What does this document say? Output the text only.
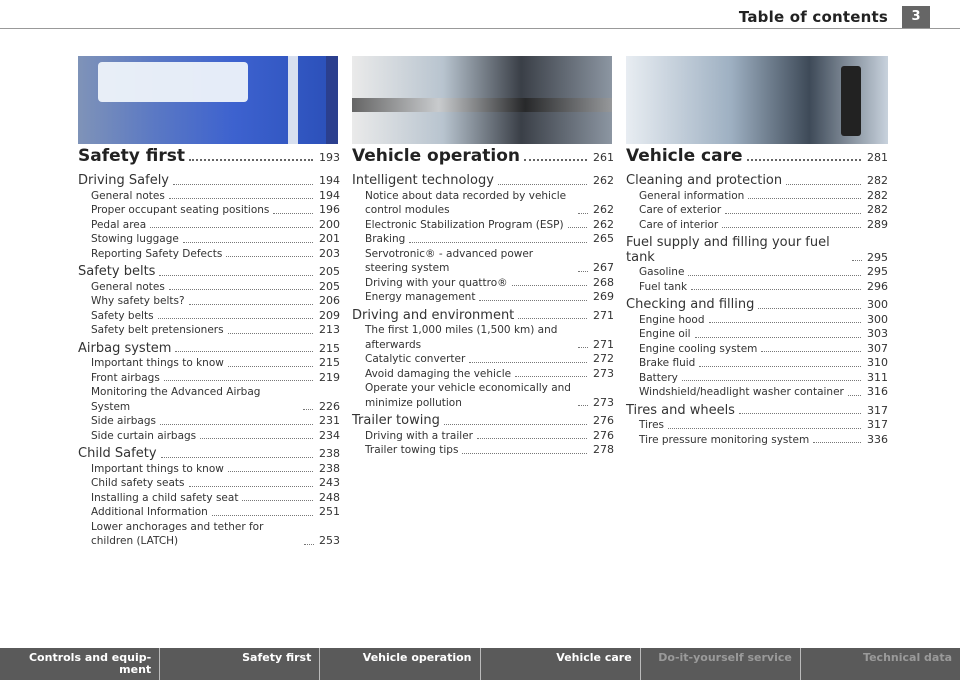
Table of contents	3
Safety first	193
Driving Safely	194
General notes	194
Proper occupant seating positions	196
Pedal area	200
Stowing luggage	201
Reporting Safety Defects	203
Safety belts	205
General notes	205
Why safety belts?	206
Safety belts	209
Safety belt pretensioners	213
Airbag system	215
Important things to know	215
Front airbags	219
Monitoring the Advanced Airbag System	226
Side airbags	231
Side curtain airbags	234
Child Safety	238
Important things to know	238
Child safety seats	243
Installing a child safety seat	248
Additional Information	251
Lower anchorages and tether for children (LATCH)	253
Vehicle operation	261
Intelligent technology	262
Notice about data recorded by vehicle control modules	262
Electronic Stabilization Program (ESP)	262
Braking	265
Servotronic® - advanced power steering system	267
Driving with your quattro®	268
Energy management	269
Driving and environment	271
The first 1,000 miles (1,500 km) and afterwards	271
Catalytic converter	272
Avoid damaging the vehicle	273
Operate your vehicle economically and minimize pollution	273
Trailer towing	276
Driving with a trailer	276
Trailer towing tips	278
Vehicle care	281
Cleaning and protection	282
General information	282
Care of exterior	282
Care of interior	289
Fuel supply and filling your fuel tank	295
Gasoline	295
Fuel tank	296
Checking and filling	300
Engine hood	300
Engine oil	303
Engine cooling system	307
Brake fluid	310
Battery	311
Windshield/headlight washer container 316
Tires and wheels	317
Tires	317
Tire pressure monitoring system	336
Controls and equip-
ment
Safety first	Vehicle operation	Vehicle care	Do-it-yourself service	Technical data
